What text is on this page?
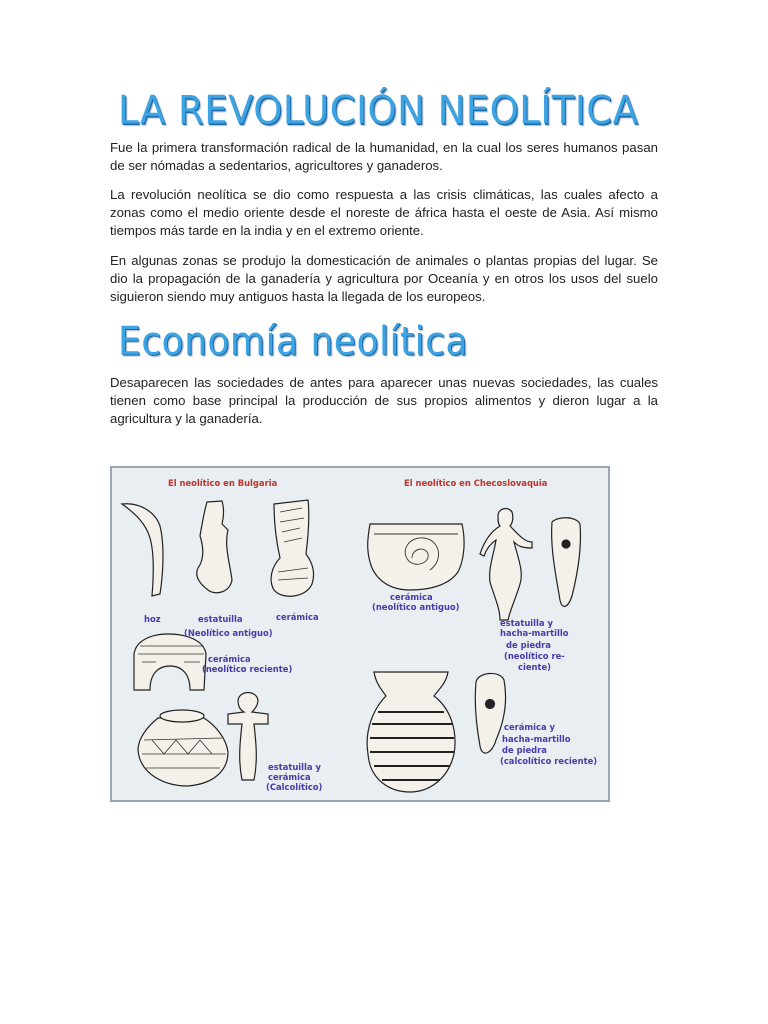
LA REVOLUCIÓN NEOLÍTICA

Fue la primera transformación radical de la humanidad, en la cual los seres humanos pasan de ser nómadas a sedentarios, agricultores y ganaderos.

La revolución neolítica se dio como respuesta a las crisis climáticas, las cuales afecto a zonas como el medio oriente desde el noreste de áfrica hasta el oeste de Asia. Así mismo tiempos más tarde en la india y en el extremo oriente.

En algunas zonas se produjo la domesticación de animales o plantas propias del lugar. Se dio la propagación de la ganadería y agricultura por Oceanía y en otros los usos del suelo siguieron siendo muy antiguos hasta la llegada de los europeos.

Economía neolítica

Desaparecen las sociedades de antes para aparecer unas nuevas sociedades, las cuales tienen como base principal la producción de sus propios alimentos y dieron lugar a la agricultura y la ganadería.

El neolítico en Bulgaria	El neolítico en Checoslovaquia
hoz	estatuilla
(Neolítico antiguo)
cerámica
cerámica
(neolítico reciente)
estatuilla y
cerámica
(Calcolítico)
cerámica
(neolítico antiguo)
estatuilla y
hacha-martillo
de piedra
(neolítico re-
ciente)
cerámica y
hacha-martillo
de piedra
(calcolítico reciente)
